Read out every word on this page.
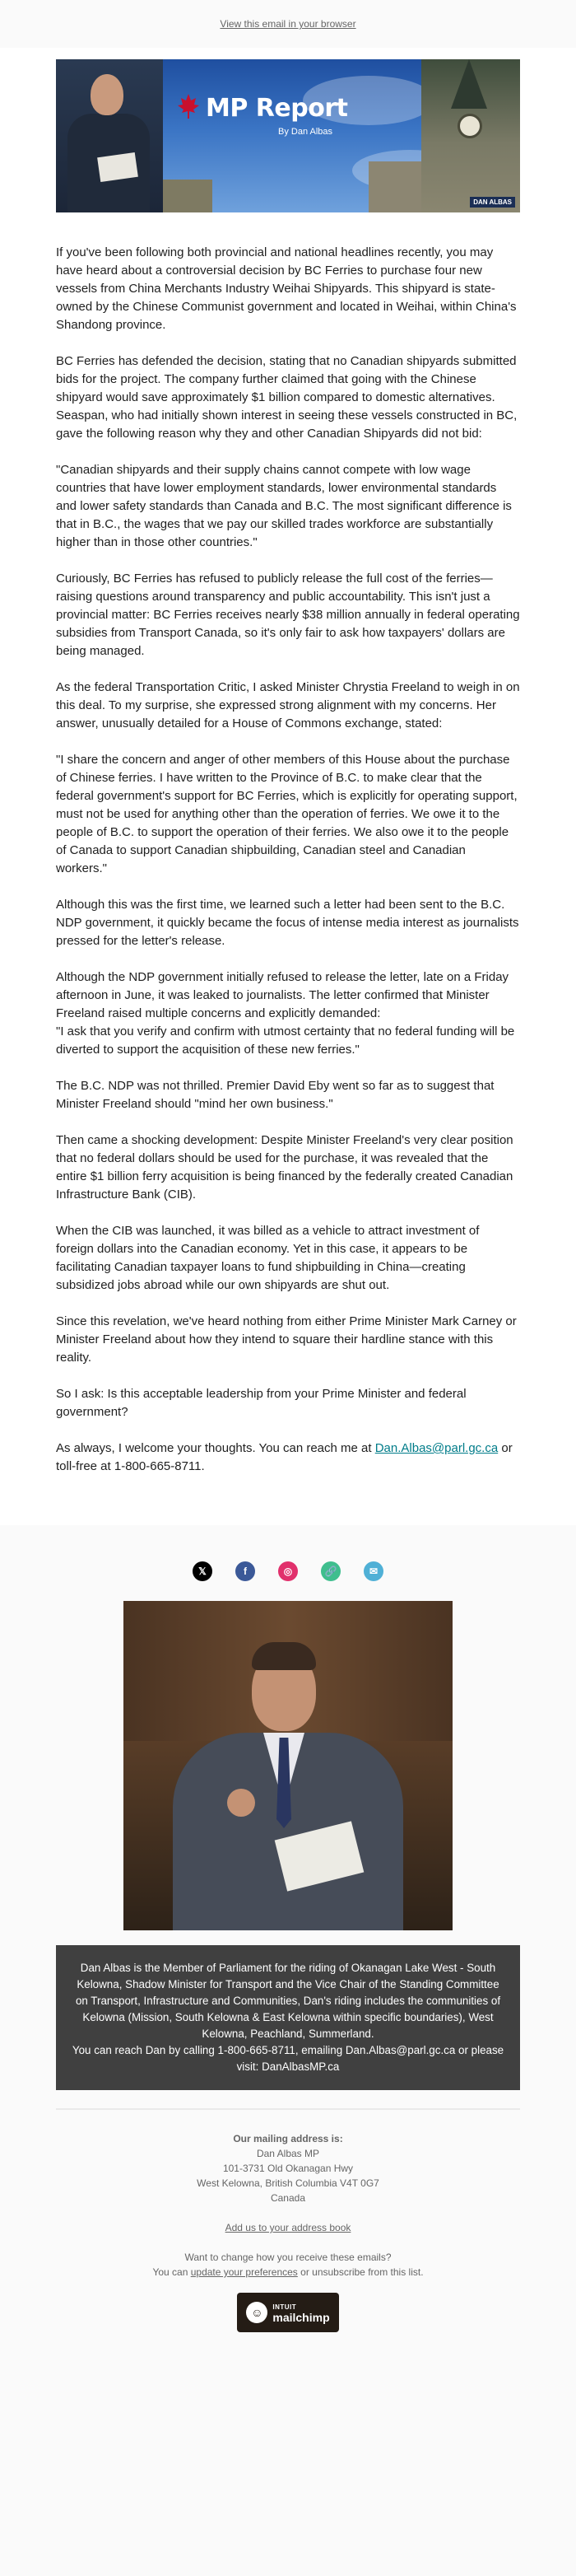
View this email in your browser
MP Report
By Dan Albas
DAN ALBAS

If you've been following both provincial and national headlines recently, you may have heard about a controversial decision by BC Ferries to purchase four new vessels from China Merchants Industry Weihai Shipyards. This shipyard is state-owned by the Chinese Communist government and located in Weihai, within China's Shandong province.

BC Ferries has defended the decision, stating that no Canadian shipyards submitted bids for the project. The company further claimed that going with the Chinese shipyard would save approximately $1 billion compared to domestic alternatives. Seaspan, who had initially shown interest in seeing these vessels constructed in BC, gave the following reason why they and other Canadian Shipyards did not bid:

"Canadian shipyards and their supply chains cannot compete with low wage countries that have lower employment standards, lower environmental standards and lower safety standards than Canada and B.C. The most significant difference is that in B.C., the wages that we pay our skilled trades workforce are substantially higher than in those other countries."

Curiously, BC Ferries has refused to publicly release the full cost of the ferries—raising questions around transparency and public accountability. This isn't just a provincial matter: BC Ferries receives nearly $38 million annually in federal operating subsidies from Transport Canada, so it's only fair to ask how taxpayers' dollars are being managed.

As the federal Transportation Critic, I asked Minister Chrystia Freeland to weigh in on this deal. To my surprise, she expressed strong alignment with my concerns. Her answer, unusually detailed for a House of Commons exchange, stated:

"I share the concern and anger of other members of this House about the purchase of Chinese ferries. I have written to the Province of B.C. to make clear that the federal government's support for BC Ferries, which is explicitly for operating support, must not be used for anything other than the operation of ferries. We owe it to the people of B.C. to support the operation of their ferries. We also owe it to the people of Canada to support Canadian shipbuilding, Canadian steel and Canadian workers."

Although this was the first time, we learned such a letter had been sent to the B.C. NDP government, it quickly became the focus of intense media interest as journalists pressed for the letter's release.

Although the NDP government initially refused to release the letter, late on a Friday afternoon in June, it was leaked to journalists. The letter confirmed that Minister Freeland raised multiple concerns and explicitly demanded:

"I ask that you verify and confirm with utmost certainty that no federal funding will be diverted to support the acquisition of these new ferries."

The B.C. NDP was not thrilled. Premier David Eby went so far as to suggest that Minister Freeland should "mind her own business."

Then came a shocking development: Despite Minister Freeland's very clear position that no federal dollars should be used for the purchase, it was revealed that the entire $1 billion ferry acquisition is being financed by the federally created Canadian Infrastructure Bank (CIB).

When the CIB was launched, it was billed as a vehicle to attract investment of foreign dollars into the Canadian economy. Yet in this case, it appears to be facilitating Canadian taxpayer loans to fund shipbuilding in China—creating subsidized jobs abroad while our own shipyards are shut out.

Since this revelation, we've heard nothing from either Prime Minister Mark Carney or Minister Freeland about how they intend to square their hardline stance with this reality.

So I ask: Is this acceptable leadership from your Prime Minister and federal government?

As always, I welcome your thoughts. You can reach me at Dan.Albas@parl.gc.ca or toll-free at 1-800-665-8711.

𝕏	f	◎	🔗	✉

Dan Albas is the Member of Parliament for the riding of Okanagan Lake West - South Kelowna, Shadow Minister for Transport and the Vice Chair of the Standing Committee on Transport, Infrastructure and Communities, Dan's riding includes the communities of Kelowna (Mission, South Kelowna & East Kelowna within specific boundaries), West Kelowna, Peachland, Summerland.

You can reach Dan by calling 1-800-665-8711, emailing Dan.Albas@parl.gc.ca or please visit: DanAlbasMP.ca

Our mailing address is:
Dan Albas MP
101-3731 Old Okanagan Hwy
West Kelowna, British Columbia V4T 0G7
Canada
Add us to your address book
Want to change how you receive these emails?
You can update your preferences or unsubscribe from this list.
☺	INTUIT
mailchimp
